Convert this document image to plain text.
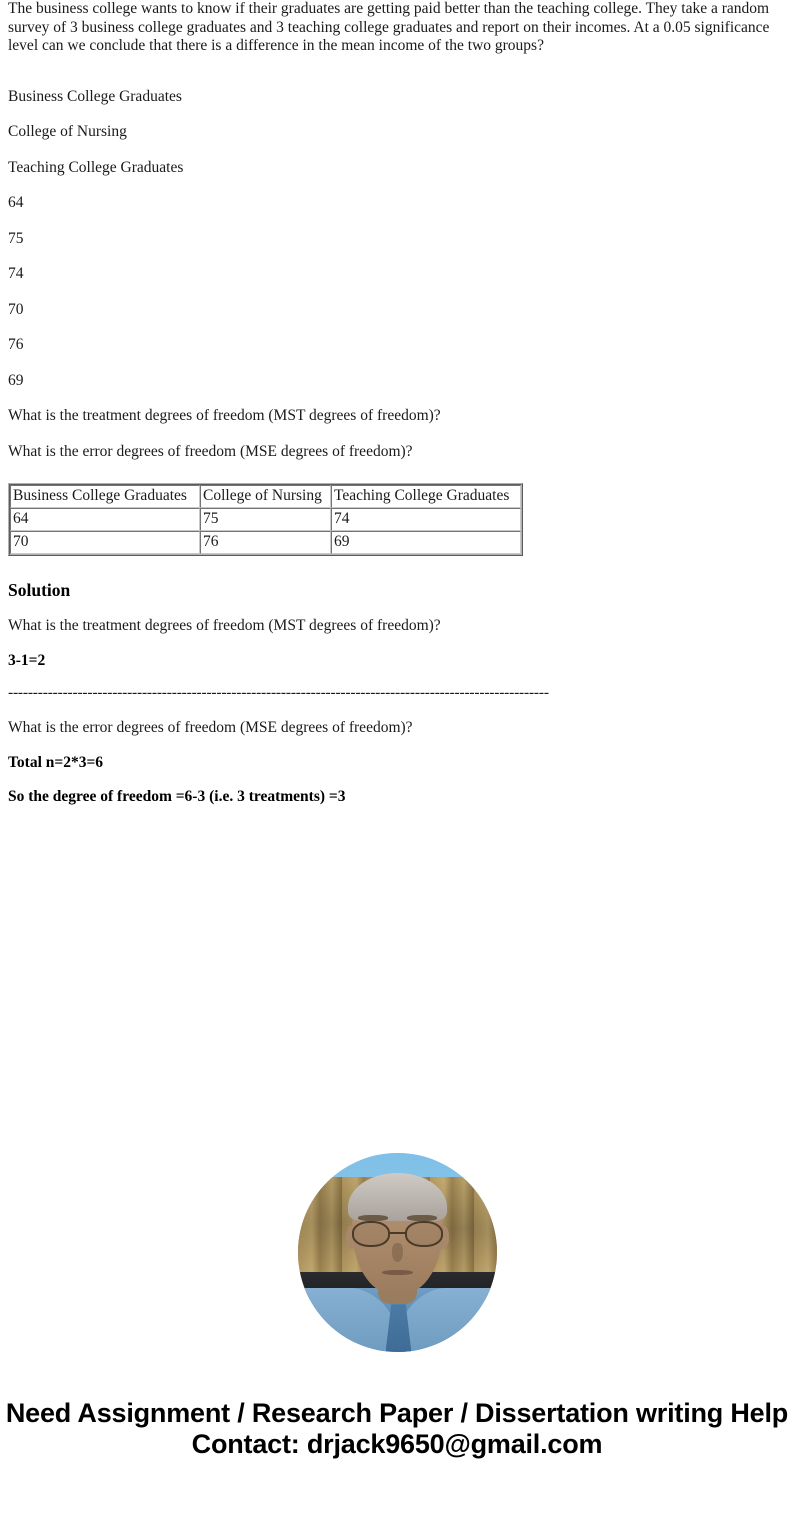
The business college wants to know if their graduates are getting paid better than the teaching college. They take a random survey of 3 business college graduates and 3 teaching college graduates and report on their incomes. At a 0.05 significance level can we conclude that there is a difference in the mean income of the two groups?

Business College Graduates

College of Nursing

Teaching College Graduates

64

75

74

70

76

69

What is the treatment degrees of freedom (MST degrees of freedom)?

What is the error degrees of freedom (MSE degrees of freedom)?

Business College Graduates	College of Nursing	Teaching College Graduates
64	75	74
70	76	69
Solution

What is the treatment degrees of freedom (MST degrees of freedom)?

3-1=2

-------------------------------------------------------------------------------------------------------------

What is the error degrees of freedom (MSE degrees of freedom)?

Total n=2*3=6

So the degree of freedom =6-3 (i.e. 3 treatments) =3

Need Assignment / Research Paper / Dissertation writing Help
Contact: drjack9650@gmail.com
